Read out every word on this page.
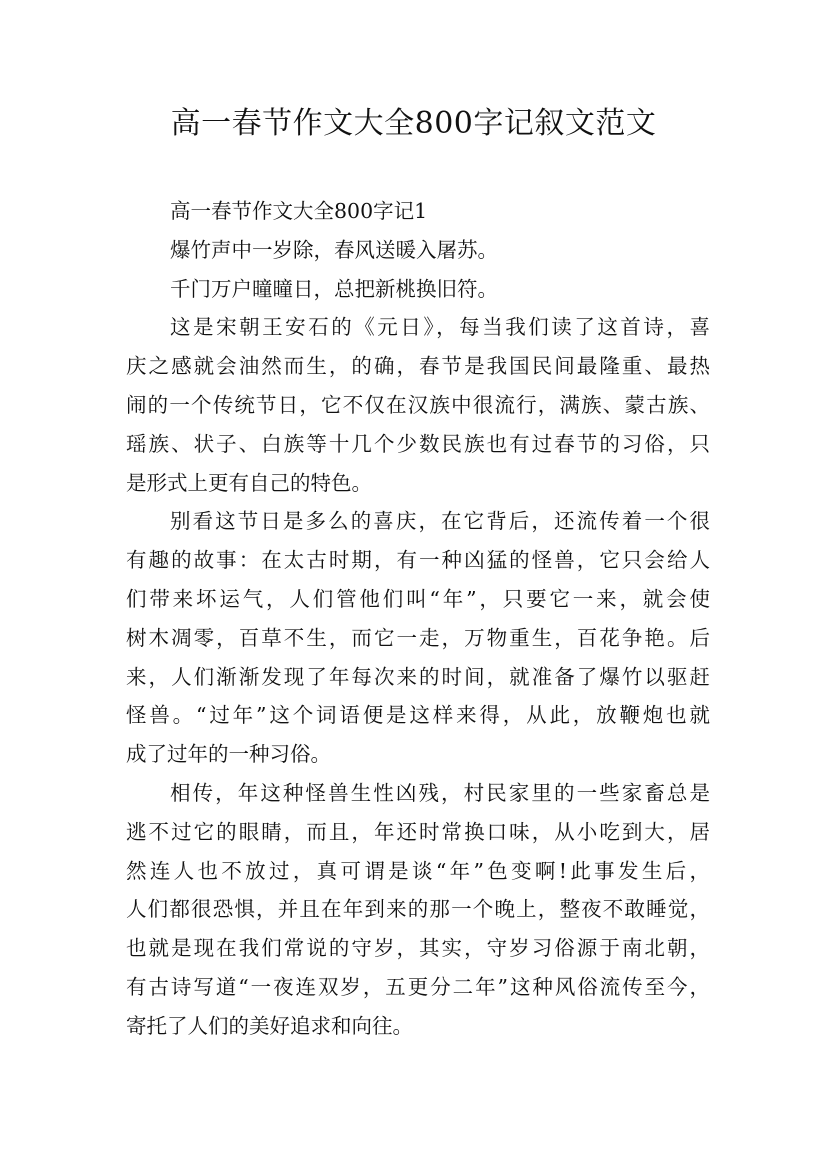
高一春节作文大全800字记叙文范文
高一春节作文大全800字记1
爆竹声中一岁除，春风送暖入屠苏。
千门万户曈曈日，总把新桃换旧符。
这是宋朝王安石的《元日》，每当我们读了这首诗，喜
庆之感就会油然而生，的确，春节是我国民间最隆重、最热
闹的一个传统节日，它不仅在汉族中很流行，满族、蒙古族、
瑶族、状子、白族等十几个少数民族也有过春节的习俗，只
是形式上更有自己的特色。
别看这节日是多么的喜庆，在它背后，还流传着一个很
有趣的故事：在太古时期，有一种凶猛的怪兽，它只会给人
们带来坏运气，人们管他们叫“年”，只要它一来，就会使
树木凋零，百草不生，而它一走，万物重生，百花争艳。后
来，人们渐渐发现了年每次来的时间，就准备了爆竹以驱赶
怪兽。“过年”这个词语便是这样来得，从此，放鞭炮也就
成了过年的一种习俗。
相传，年这种怪兽生性凶残，村民家里的一些家畜总是
逃不过它的眼睛，而且，年还时常换口味，从小吃到大，居
然连人也不放过，真可谓是谈“年”色变啊!此事发生后，
人们都很恐惧，并且在年到来的那一个晚上，整夜不敢睡觉，
也就是现在我们常说的守岁，其实，守岁习俗源于南北朝，
有古诗写道“一夜连双岁，五更分二年”这种风俗流传至今，
寄托了人们的美好追求和向往。
